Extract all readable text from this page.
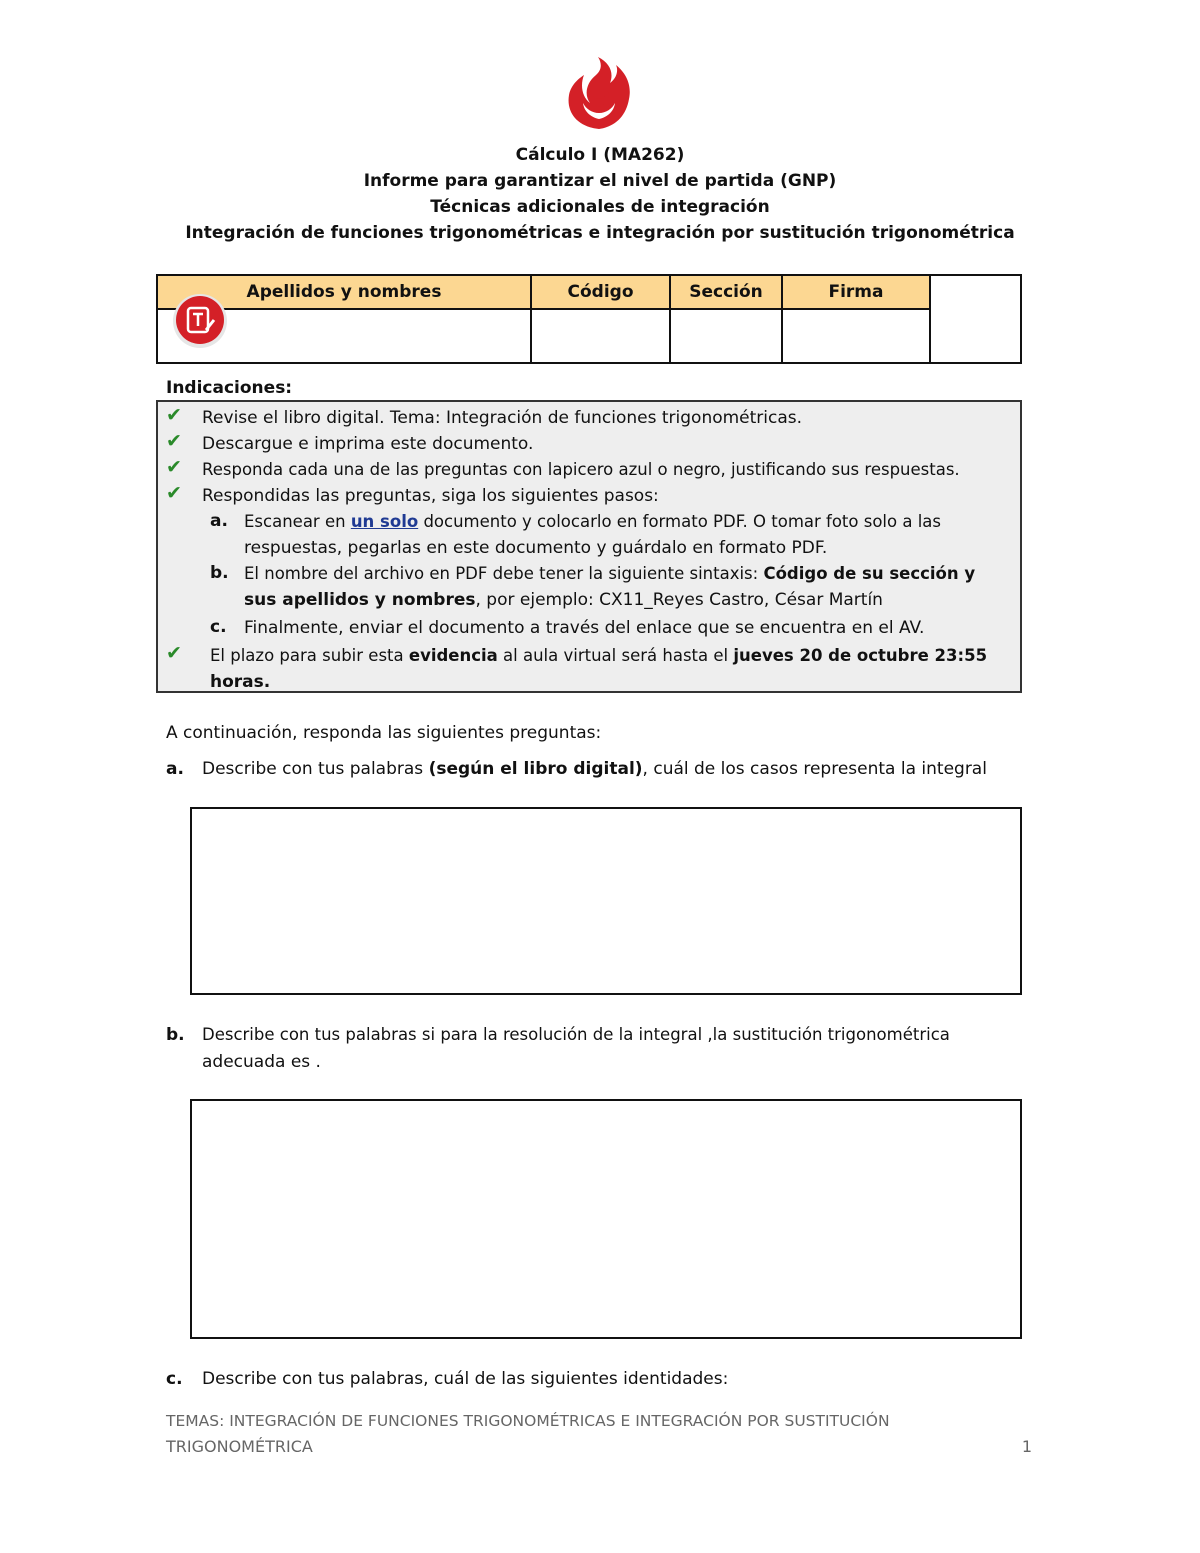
Cálculo I (MA262)
Informe para garantizar el nivel de partida (GNP)
Técnicas adicionales de integración
Integración de funciones trigonométricas e integración por sustitución trigonométrica
Apellidos y nombres	Código	Sección	Firma
Indicaciones:
✔ Revise el libro digital. Tema: Integración de funciones trigonométricas.
✔ Descargue e imprima este documento.
✔ Responda cada una de las preguntas con lapicero azul o negro, justificando sus respuestas.
✔ Respondidas las preguntas, siga los siguientes pasos:
a. Escanear en un solo documento y colocarlo en formato PDF. O tomar foto solo a las
respuestas, pegarlas en este documento y guárdalo en formato PDF.
b. El nombre del archivo en PDF debe tener la siguiente sintaxis: Código de su sección y
sus apellidos y nombres, por ejemplo: CX11_Reyes Castro, César Martín
c. Finalmente, enviar el documento a través del enlace que se encuentra en el AV.
✔ El plazo para subir esta evidencia al aula virtual será hasta el jueves 20 de octubre 23:55
horas.
A continuación, responda las siguientes preguntas:
a. Describe con tus palabras (según el libro digital), cuál de los casos representa la integral
b. Describe con tus palabras si para la resolución de la integral ,la sustitución trigonométrica
adecuada es .
c. Describe con tus palabras, cuál de las siguientes identidades:
TEMAS: INTEGRACIÓN DE FUNCIONES TRIGONOMÉTRICAS E INTEGRACIÓN POR SUSTITUCIÓN
TRIGONOMÉTRICA	1
